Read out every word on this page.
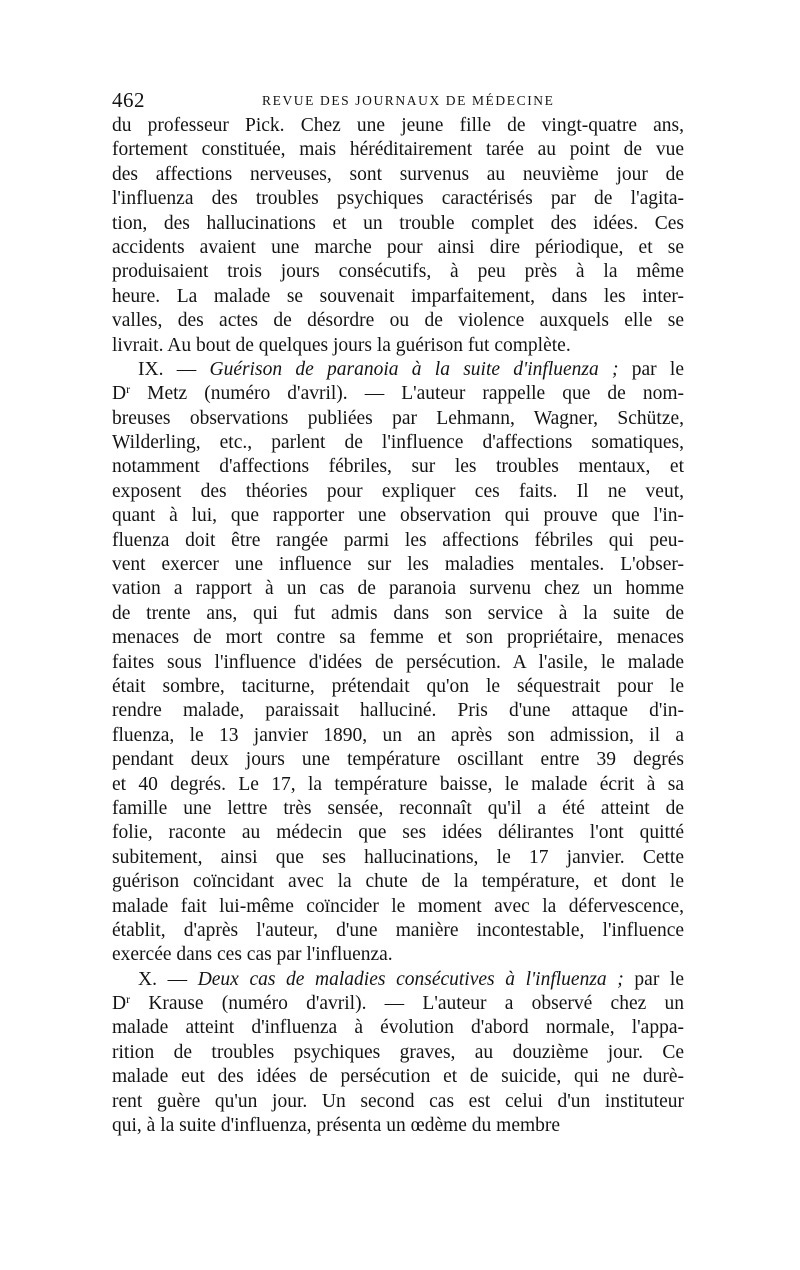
462	REVUE DES JOURNAUX DE MÉDECINE
du professeur Pick. Chez une jeune fille de vingt-quatre ans,
fortement constituée, mais héréditairement tarée au point de vue
des affections nerveuses, sont survenus au neuvième jour de
l'influenza des troubles psychiques caractérisés par de l'agita-
tion, des hallucinations et un trouble complet des idées. Ces
accidents avaient une marche pour ainsi dire périodique, et se
produisaient trois jours consécutifs, à peu près à la même
heure. La malade se souvenait imparfaitement, dans les inter-
valles, des actes de désordre ou de violence auxquels elle se
livrait. Au bout de quelques jours la guérison fut complète.
IX. — Guérison de paranoia à la suite d'influenza ; par le
$D^r$ Metz (numéro d'avril). — L'auteur rappelle que de nom-
breuses observations publiées par Lehmann, Wagner, Schütze,
Wilderling, etc., parlent de l'influence d'affections somatiques,
notamment d'affections fébriles, sur les troubles mentaux, et
exposent des théories pour expliquer ces faits. Il ne veut,
quant à lui, que rapporter une observation qui prouve que l'in-
fluenza doit être rangée parmi les affections fébriles qui peu-
vent exercer une influence sur les maladies mentales. L'obser-
vation a rapport à un cas de paranoia survenu chez un homme
de trente ans, qui fut admis dans son service à la suite de
menaces de mort contre sa femme et son propriétaire, menaces
faites sous l'influence d'idées de persécution. A l'asile, le malade
était sombre, taciturne, prétendait qu'on le séquestrait pour le
rendre malade, paraissait halluciné. Pris d'une attaque d'in-
fluenza, le 13 janvier 1890, un an après son admission, il a
pendant deux jours une température oscillant entre 39 degrés
et 40 degrés. Le 17, la température baisse, le malade écrit à sa
famille une lettre très sensée, reconnaît qu'il a été atteint de
folie, raconte au médecin que ses idées délirantes l'ont quitté
subitement, ainsi que ses hallucinations, le 17 janvier. Cette
guérison coïncidant avec la chute de la température, et dont le
malade fait lui-même coïncider le moment avec la défervescence,
établit, d'après l'auteur, d'une manière incontestable, l'influence
exercée dans ces cas par l'influenza.
X. — Deux cas de maladies consécutives à l'influenza ; par le
$D^r$ Krause (numéro d'avril). — L'auteur a observé chez un
malade atteint d'influenza à évolution d'abord normale, l'appa-
rition de troubles psychiques graves, au douzième jour. Ce
malade eut des idées de persécution et de suicide, qui ne durè-
rent guère qu'un jour. Un second cas est celui d'un instituteur
qui, à la suite d'influenza, présenta un œdème du membre
